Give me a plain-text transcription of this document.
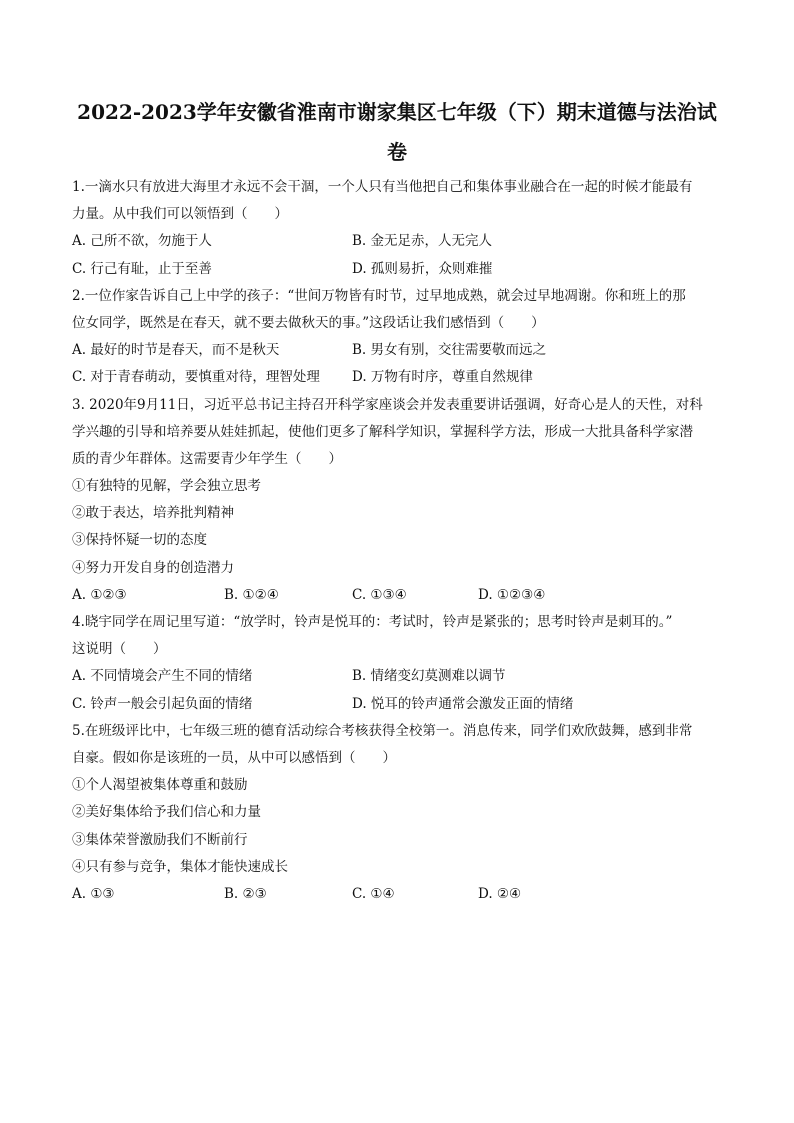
2022-2023学年安徽省淮南市谢家集区七年级（下）期末道德与法治试
卷
1.一滴水只有放进大海里才永远不会干涸，一个人只有当他把自己和集体事业融合在一起的时候才能最有
力量。从中我们可以领悟到（　　）
A. 己所不欲，勿施于人	B. 金无足赤，人无完人
C. 行己有耻，止于至善	D. 孤则易折，众则难摧
2.一位作家告诉自己上中学的孩子：“世间万物皆有时节，过早地成熟，就会过早地凋谢。你和班上的那
位女同学，既然是在春天，就不要去做秋天的事。”这段话让我们感悟到（　　）
A. 最好的时节是春天，而不是秋天	B. 男女有别，交往需要敬而远之
C. 对于青春萌动，要慎重对待，理智处理 D. 万物有时序，尊重自然规律
3. 2020年9月11日，习近平总书记主持召开科学家座谈会并发表重要讲话强调，好奇心是人的天性，对科
学兴趣的引导和培养要从娃娃抓起，使他们更多了解科学知识，掌握科学方法，形成一大批具备科学家潜
质的青少年群体。这需要青少年学生（　　）
①有独特的见解，学会独立思考
②敢于表达，培养批判精神
③保持怀疑一切的态度
④努力开发自身的创造潜力
A. ①②③	B. ①②④	C. ①③④	D. ①②③④
4.晓宇同学在周记里写道：“放学时，铃声是悦耳的：考试时，铃声是紧张的；思考时铃声是刺耳的。”
这说明（　　）
A. 不同情境会产生不同的情绪	B. 情绪变幻莫测难以调节
C. 铃声一般会引起负面的情绪	D. 悦耳的铃声通常会激发正面的情绪
5.在班级评比中，七年级三班的德育活动综合考核获得全校第一。消息传来，同学们欢欣鼓舞，感到非常
自豪。假如你是该班的一员，从中可以感悟到（　　）
①个人渴望被集体尊重和鼓励
②美好集体给予我们信心和力量
③集体荣誉激励我们不断前行
④只有参与竞争，集体才能快速成长
A. ①③	B. ②③	C. ①④	D. ②④
